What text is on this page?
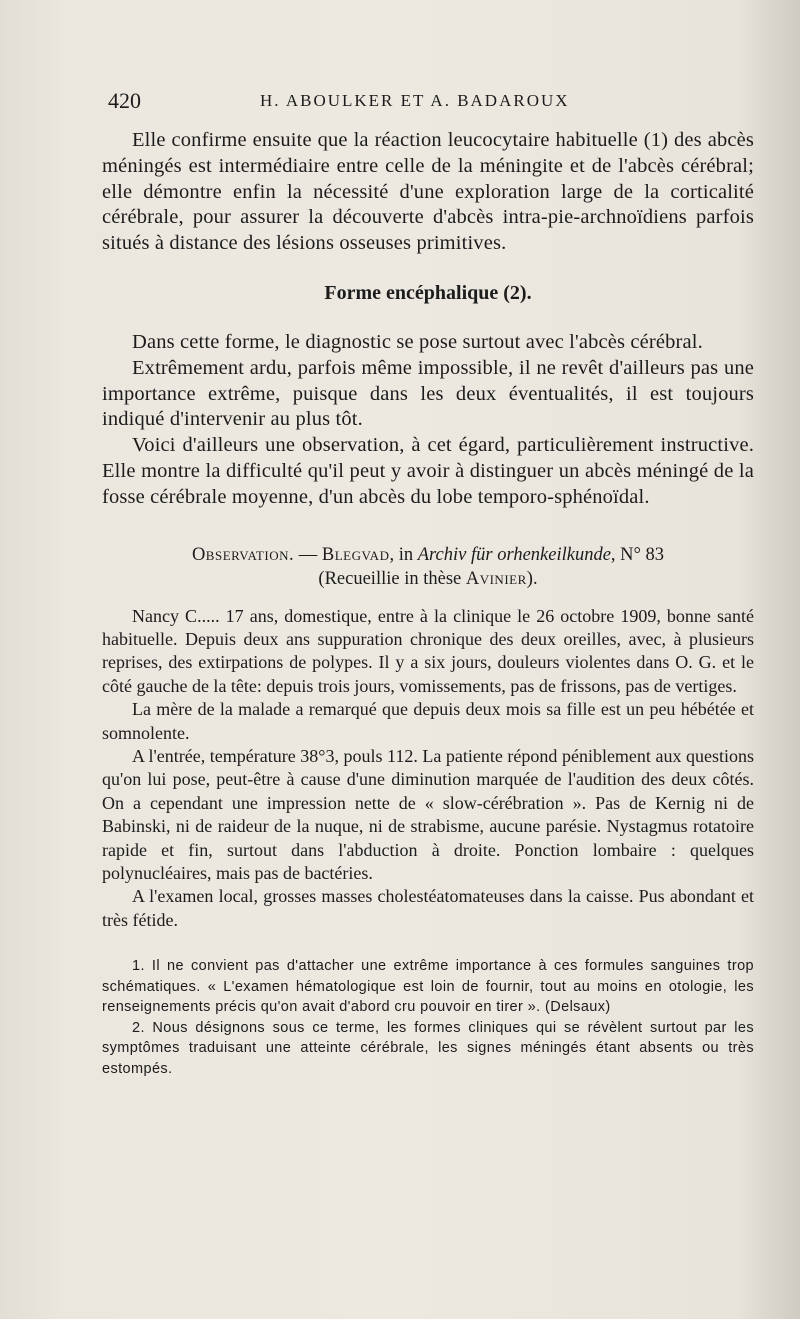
420	H. ABOULKER ET A. BADAROUX

Elle confirme ensuite que la réaction leucocytaire habituelle (1) des abcès méningés est intermédiaire entre celle de la méningite et de l'abcès cérébral; elle démontre enfin la nécessité d'une exploration large de la corticalité cérébrale, pour assurer la découverte d'abcès intra-pie-archnoïdiens parfois situés à distance des lésions osseuses primitives.

Forme encéphalique (2).

Dans cette forme, le diagnostic se pose surtout avec l'abcès cérébral.

Extrêmement ardu, parfois même impossible, il ne revêt d'ailleurs pas une importance extrême, puisque dans les deux éventualités, il est toujours indiqué d'intervenir au plus tôt.

Voici d'ailleurs une observation, à cet égard, particulièrement instructive. Elle montre la difficulté qu'il peut y avoir à distinguer un abcès méningé de la fosse cérébrale moyenne, d'un abcès du lobe temporo-sphénoïdal.

Observation. — Blegvad, in Archiv für orhenkeilkunde, N° 83
(Recueillie in thèse Avinier).

Nancy C..... 17 ans, domestique, entre à la clinique le 26 octobre 1909, bonne santé habituelle. Depuis deux ans suppuration chronique des deux oreilles, avec, à plusieurs reprises, des extirpations de polypes. Il y a six jours, douleurs violentes dans O. G. et le côté gauche de la tête: depuis trois jours, vomissements, pas de frissons, pas de vertiges.

La mère de la malade a remarqué que depuis deux mois sa fille est un peu hébétée et somnolente.

A l'entrée, température 38°3, pouls 112. La patiente répond péniblement aux questions qu'on lui pose, peut-être à cause d'une diminution marquée de l'audition des deux côtés. On a cependant une impression nette de « slow-cérébration ». Pas de Kernig ni de Babinski, ni de raideur de la nuque, ni de strabisme, aucune parésie. Nystagmus rotatoire rapide et fin, surtout dans l'abduction à droite. Ponction lombaire : quelques polynucléaires, mais pas de bactéries.

A l'examen local, grosses masses cholestéatomateuses dans la caisse. Pus abondant et très fétide.

1. Il ne convient pas d'attacher une extrême importance à ces formules sanguines trop schématiques. « L'examen hématologique est loin de fournir, tout au moins en otologie, les renseignements précis qu'on avait d'abord cru pouvoir en tirer ». (Delsaux)

2. Nous désignons sous ce terme, les formes cliniques qui se révèlent surtout par les symptômes traduisant une atteinte cérébrale, les signes méningés étant absents ou très estompés.
